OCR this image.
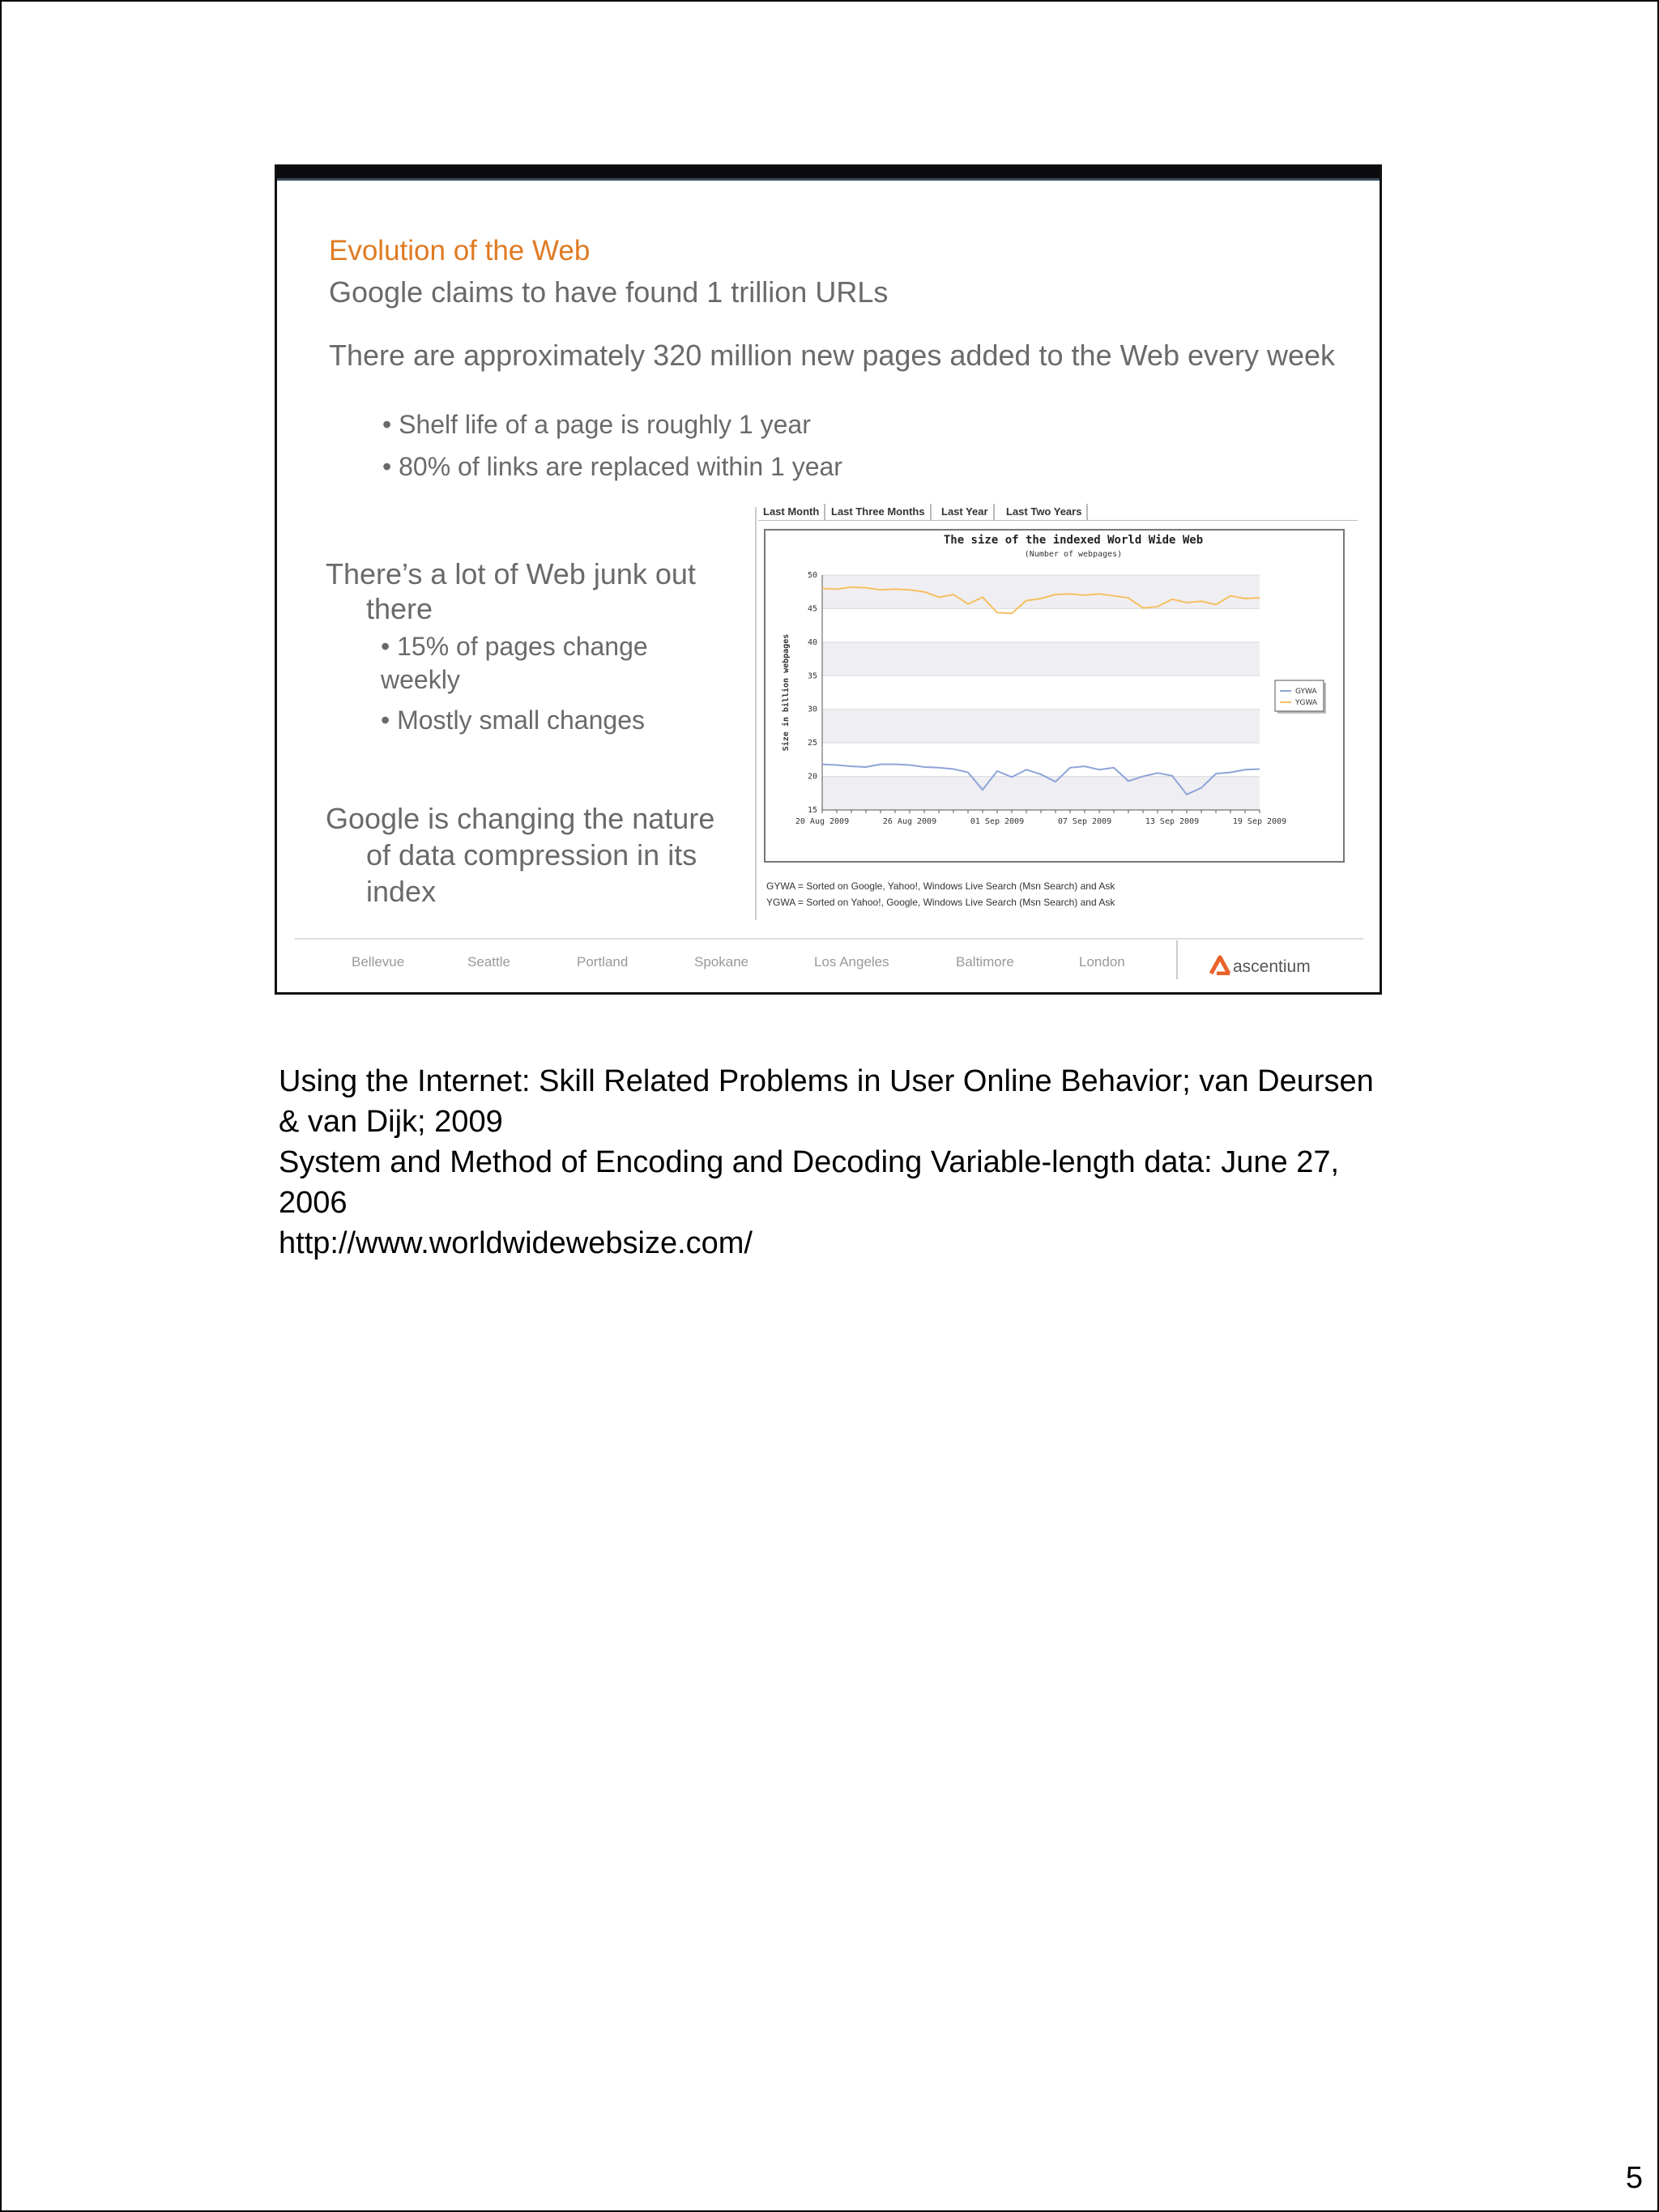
Evolution of the Web
Google claims to have found 1 trillion URLs
There are approximately 320 million new pages added to the Web every week
• Shelf life of a page is roughly 1 year
• 80% of links are replaced within 1 year
There’s a lot of Web junk out
there
• 15% of pages change weekly
• Mostly small changes
Google is changing the nature
of data compression in its index
Last Month	Last Three Months	Last Year	Last Two Years
15
20
25
30
35
40
45
50
20 Aug 2009	26 Aug 2009	01 Sep 2009	07 Sep 2009	13 Sep 2009	19 Sep 2009
The size of the indexed World Wide Web
(Number of webpages)
Size in billion webpages	GYWA
YGWA
GYWA = Sorted on Google, Yahoo!, Windows Live Search (Msn Search) and Ask
YGWA = Sorted on Yahoo!, Google, Windows Live Search (Msn Search) and Ask
Bellevue	Seattle	Portland	Spokane	Los Angeles	Baltimore	London	ascentium
Using the Internet: Skill Related Problems in User Online Behavior; van Deursen & van Dijk; 2009
System and Method of Encoding and Decoding Variable-length data: June 27, 2006
http://www.worldwidewebsize.com/
5
